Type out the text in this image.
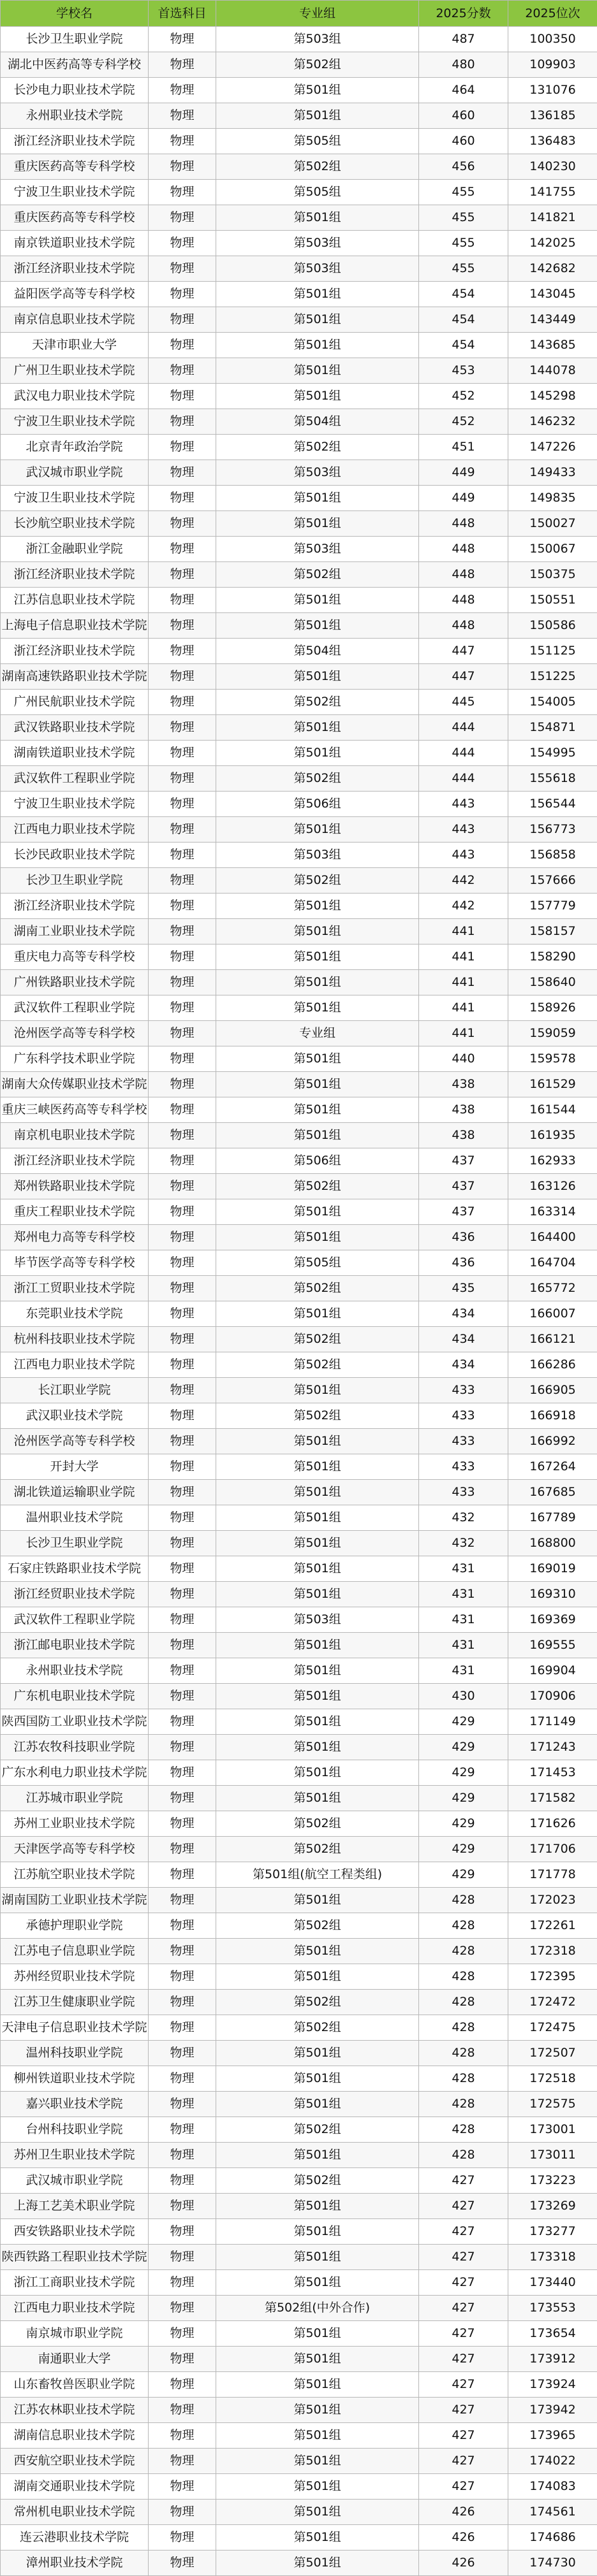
学校名	首选科目	专业组	2025分数	2025位次
长沙卫生职业学院	物理	第503组	487	100350
湖北中医药高等专科学校	物理	第502组	480	109903
长沙电力职业技术学院	物理	第501组	464	131076
永州职业技术学院	物理	第501组	460	136185
浙江经济职业技术学院	物理	第505组	460	136483
重庆医药高等专科学校	物理	第502组	456	140230
宁波卫生职业技术学院	物理	第505组	455	141755
重庆医药高等专科学校	物理	第501组	455	141821
南京铁道职业技术学院	物理	第503组	455	142025
浙江经济职业技术学院	物理	第503组	455	142682
益阳医学高等专科学校	物理	第501组	454	143045
南京信息职业技术学院	物理	第501组	454	143449
天津市职业大学	物理	第501组	454	143685
广州卫生职业技术学院	物理	第501组	453	144078
武汉电力职业技术学院	物理	第501组	452	145298
宁波卫生职业技术学院	物理	第504组	452	146232
北京青年政治学院	物理	第502组	451	147226
武汉城市职业学院	物理	第503组	449	149433
宁波卫生职业技术学院	物理	第501组	449	149835
长沙航空职业技术学院	物理	第501组	448	150027
浙江金融职业学院	物理	第503组	448	150067
浙江经济职业技术学院	物理	第502组	448	150375
江苏信息职业技术学院	物理	第501组	448	150551
上海电子信息职业技术学院	物理	第501组	448	150586
浙江经济职业技术学院	物理	第504组	447	151125
湖南高速铁路职业技术学院	物理	第501组	447	151225
广州民航职业技术学院	物理	第502组	445	154005
武汉铁路职业技术学院	物理	第501组	444	154871
湖南铁道职业技术学院	物理	第501组	444	154995
武汉软件工程职业学院	物理	第502组	444	155618
宁波卫生职业技术学院	物理	第506组	443	156544
江西电力职业技术学院	物理	第501组	443	156773
长沙民政职业技术学院	物理	第503组	443	156858
长沙卫生职业学院	物理	第502组	442	157666
浙江经济职业技术学院	物理	第501组	442	157779
湖南工业职业技术学院	物理	第501组	441	158157
重庆电力高等专科学校	物理	第501组	441	158290
广州铁路职业技术学院	物理	第501组	441	158640
武汉软件工程职业学院	物理	第501组	441	158926
沧州医学高等专科学校	物理	专业组	441	159059
广东科学技术职业学院	物理	第501组	440	159578
湖南大众传媒职业技术学院	物理	第501组	438	161529
重庆三峡医药高等专科学校	物理	第501组	438	161544
南京机电职业技术学院	物理	第501组	438	161935
浙江经济职业技术学院	物理	第506组	437	162933
郑州铁路职业技术学院	物理	第502组	437	163126
重庆工程职业技术学院	物理	第501组	437	163314
郑州电力高等专科学校	物理	第501组	436	164400
毕节医学高等专科学校	物理	第505组	436	164704
浙江工贸职业技术学院	物理	第502组	435	165772
东莞职业技术学院	物理	第501组	434	166007
杭州科技职业技术学院	物理	第502组	434	166121
江西电力职业技术学院	物理	第502组	434	166286
长江职业学院	物理	第501组	433	166905
武汉职业技术学院	物理	第502组	433	166918
沧州医学高等专科学校	物理	第501组	433	166992
开封大学	物理	第501组	433	167264
湖北铁道运输职业学院	物理	第501组	433	167685
温州职业技术学院	物理	第501组	432	167789
长沙卫生职业学院	物理	第501组	432	168800
石家庄铁路职业技术学院	物理	第501组	431	169019
浙江经贸职业技术学院	物理	第501组	431	169310
武汉软件工程职业学院	物理	第503组	431	169369
浙江邮电职业技术学院	物理	第501组	431	169555
永州职业技术学院	物理	第501组	431	169904
广东机电职业技术学院	物理	第501组	430	170906
陕西国防工业职业技术学院	物理	第501组	429	171149
江苏农牧科技职业学院	物理	第501组	429	171243
广东水利电力职业技术学院	物理	第501组	429	171453
江苏城市职业学院	物理	第501组	429	171582
苏州工业职业技术学院	物理	第502组	429	171626
天津医学高等专科学校	物理	第502组	429	171706
江苏航空职业技术学院	物理	第501组(航空工程类组)	429	171778
湖南国防工业职业技术学院	物理	第501组	428	172023
承德护理职业学院	物理	第502组	428	172261
江苏电子信息职业学院	物理	第501组	428	172318
苏州经贸职业技术学院	物理	第501组	428	172395
江苏卫生健康职业学院	物理	第502组	428	172472
天津电子信息职业技术学院	物理	第502组	428	172475
温州科技职业学院	物理	第501组	428	172507
柳州铁道职业技术学院	物理	第501组	428	172518
嘉兴职业技术学院	物理	第501组	428	172575
台州科技职业学院	物理	第502组	428	173001
苏州卫生职业技术学院	物理	第501组	428	173011
武汉城市职业学院	物理	第502组	427	173223
上海工艺美术职业学院	物理	第501组	427	173269
西安铁路职业技术学院	物理	第501组	427	173277
陕西铁路工程职业技术学院	物理	第501组	427	173318
浙江工商职业技术学院	物理	第501组	427	173440
江西电力职业技术学院	物理	第502组(中外合作)	427	173553
南京城市职业学院	物理	第501组	427	173654
南通职业大学	物理	第501组	427	173912
山东畜牧兽医职业学院	物理	第501组	427	173924
江苏农林职业技术学院	物理	第501组	427	173942
湖南信息职业技术学院	物理	第501组	427	173965
西安航空职业技术学院	物理	第501组	427	174022
湖南交通职业技术学院	物理	第501组	427	174083
常州机电职业技术学院	物理	第501组	426	174561
连云港职业技术学院	物理	第501组	426	174686
漳州职业技术学院	物理	第501组	426	174730
